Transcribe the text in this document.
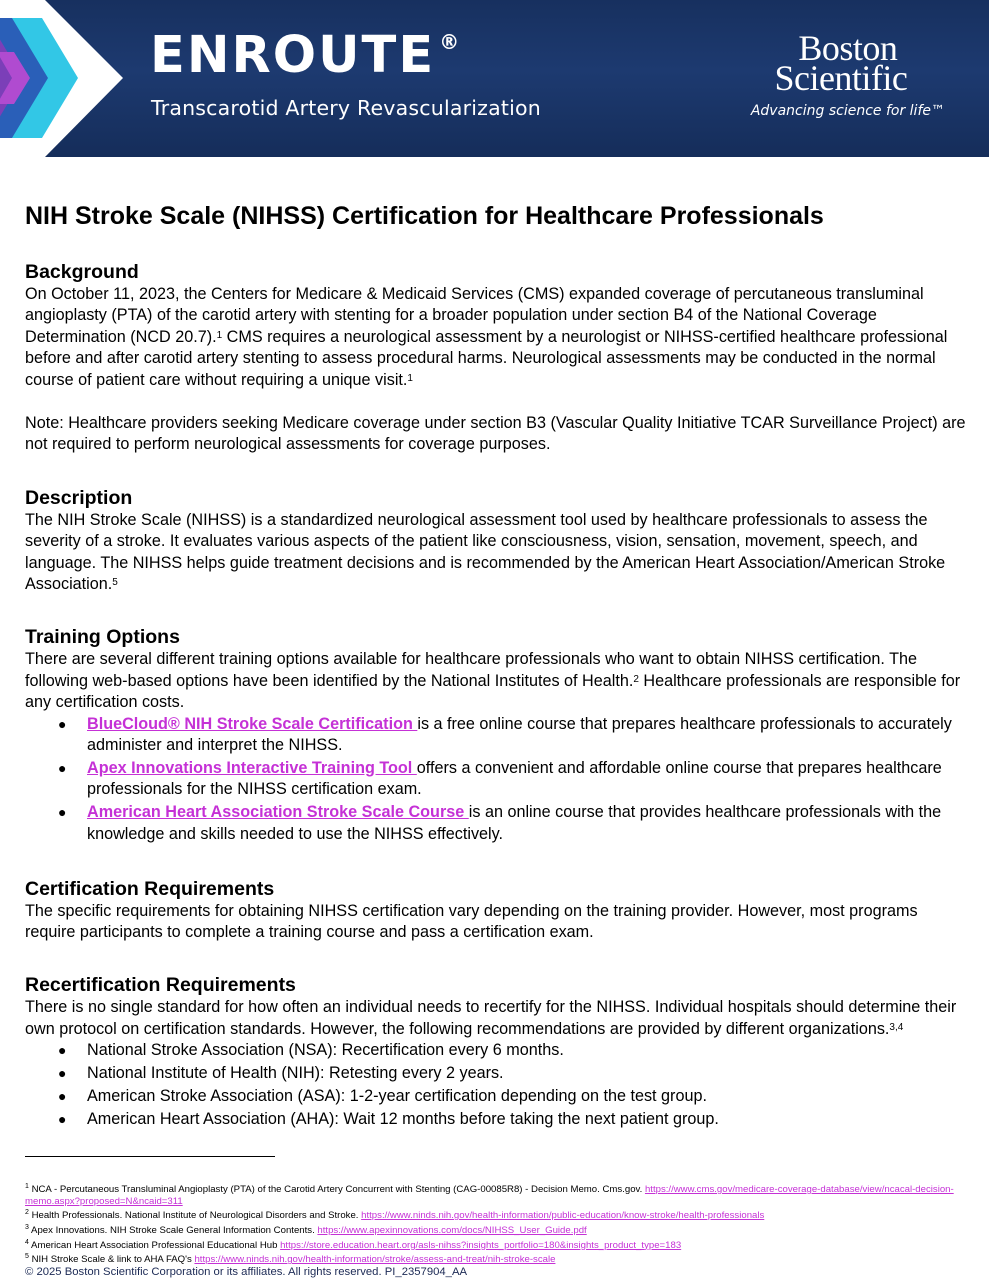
ENROUTE ®
Transcarotid Artery Revascularization
Boston
Scientific
Advancing science for life™
NIH Stroke Scale (NIHSS) Certification for Healthcare Professionals
Background

On October 11, 2023, the Centers for Medicare & Medicaid Services (CMS) expanded coverage of percutaneous transluminal angioplasty (PTA) of the carotid artery with stenting for a broader population under section B4 of the National Coverage Determination (NCD 20.7).$^1$ CMS requires a neurological assessment by a neurologist or NIHSS-certified healthcare professional before and after carotid artery stenting to assess procedural harms. Neurological assessments may be conducted in the normal course of patient care without requiring a unique visit.$^1$

Note: Healthcare providers seeking Medicare coverage under section B3 (Vascular Quality Initiative TCAR Surveillance Project) are not required to perform neurological assessments for coverage purposes.

Description

The NIH Stroke Scale (NIHSS) is a standardized neurological assessment tool used by healthcare professionals to assess the severity of a stroke. It evaluates various aspects of the patient like consciousness, vision, sensation, movement, speech, and language. The NIHSS helps guide treatment decisions and is recommended by the American Heart Association/American Stroke Association.$^5$

Training Options

There are several different training options available for healthcare professionals who want to obtain NIHSS certification. The following web-based options have been identified by the National Institutes of Health.$^2$ Healthcare professionals are responsible for any certification costs.

● BlueCloud® NIH Stroke Scale Certification is a free online course that prepares healthcare professionals to accurately administer and interpret the NIHSS.
● Apex Innovations Interactive Training Tool offers a convenient and affordable online course that prepares healthcare professionals for the NIHSS certification exam.
● American Heart Association Stroke Scale Course is an online course that provides healthcare professionals with the knowledge and skills needed to use the NIHSS effectively.
Certification Requirements

The specific requirements for obtaining NIHSS certification vary depending on the training provider. However, most programs require participants to complete a training course and pass a certification exam.

Recertification Requirements

There is no single standard for how often an individual needs to recertify for the NIHSS. Individual hospitals should determine their own protocol on certification standards. However, the following recommendations are provided by different organizations.$^{3,4}$

● National Stroke Association (NSA): Recertification every 6 months.
● National Institute of Health (NIH): Retesting every 2 years.
● American Stroke Association (ASA): 1-2-year certification depending on the test group.
● American Heart Association (AHA): Wait 12 months before taking the next patient group.
$^1$ NCA - Percutaneous Transluminal Angioplasty (PTA) of the Carotid Artery Concurrent with Stenting (CAG-00085R8) - Decision Memo. Cms.gov. https://www.cms.gov/medicare-coverage-database/view/ncacal-decision-memo.aspx?proposed=N&ncaid=311
$^2$ Health Professionals. National Institute of Neurological Disorders and Stroke. https://www.ninds.nih.gov/health-information/public-education/know-stroke/health-professionals
$^3$ Apex Innovations. NIH Stroke Scale General Information Contents. https://www.apexinnovations.com/docs/NIHSS_User_Guide.pdf
$^4$ American Heart Association Professional Educational Hub https://store.education.heart.org/asls-nihss?insights_portfolio=180&insights_product_type=183
$^5$ NIH Stroke Scale & link to AHA FAQ's https://www.ninds.nih.gov/health-information/stroke/assess-and-treat/nih-stroke-scale
© 2025 Boston Scientific Corporation or its affiliates. All rights reserved. PI_2357904_AA
